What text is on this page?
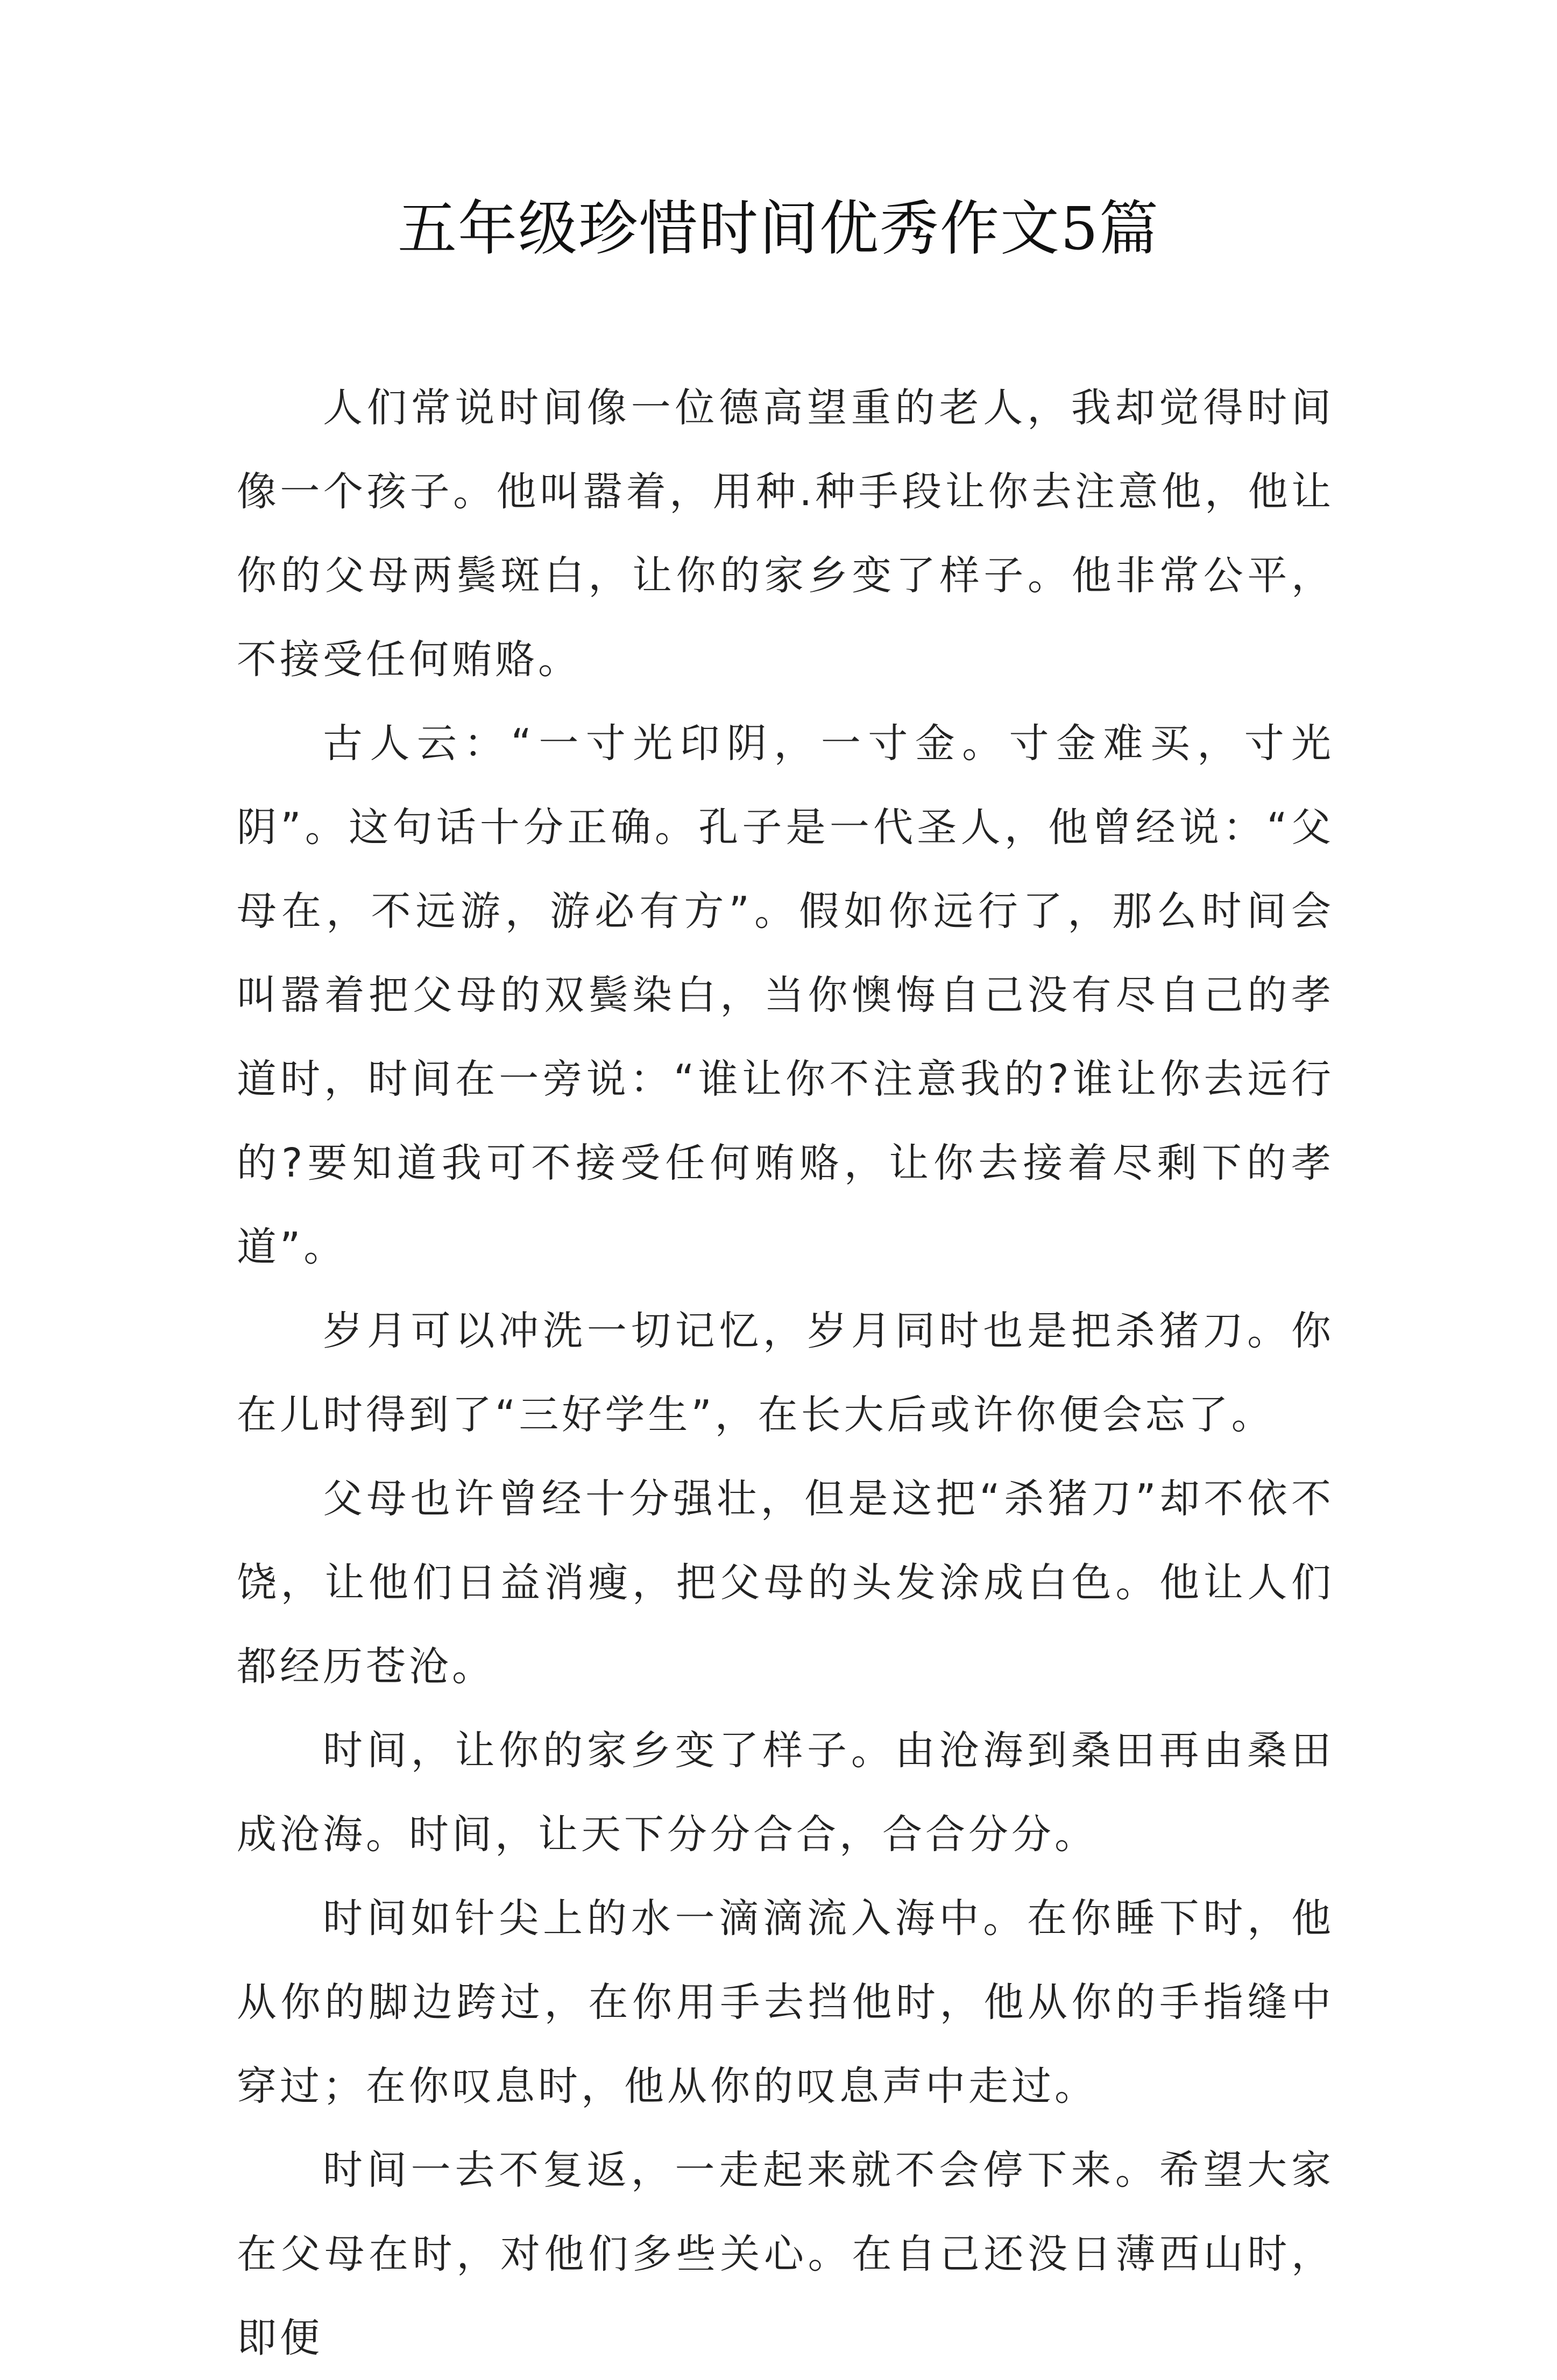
五年级珍惜时间优秀作文5篇

人们常说时间像一位德高望重的老人，我却觉得时间像一个孩子。他叫嚣着，用种.种手段让你去注意他，他让你的父母两鬓斑白，让你的家乡变了样子。他非常公平，不接受任何贿赂。

古人云：“一寸光印阴，一寸金。寸金难买，寸光阴”。这句话十分正确。孔子是一代圣人，他曾经说：“父母在，不远游，游必有方”。假如你远行了，那么时间会叫嚣着把父母的双鬓染白，当你懊悔自己没有尽自己的孝道时，时间在一旁说：“谁让你不注意我的?谁让你去远行的?要知道我可不接受任何贿赂，让你去接着尽剩下的孝道”。

岁月可以冲洗一切记忆，岁月同时也是把杀猪刀。你在儿时得到了“三好学生”，在长大后或许你便会忘了。

父母也许曾经十分强壮，但是这把“杀猪刀”却不依不饶，让他们日益消瘦，把父母的头发涂成白色。他让人们都经历苍沧。

时间，让你的家乡变了样子。由沧海到桑田再由桑田成沧海。时间，让天下分分合合，合合分分。

时间如针尖上的水一滴滴流入海中。在你睡下时，他从你的脚边跨过，在你用手去挡他时，他从你的手指缝中穿过；在你叹息时，他从你的叹息声中走过。

时间一去不复返，一走起来就不会停下来。希望大家在父母在时，对他们多些关心。在自己还没日薄西山时，即便
